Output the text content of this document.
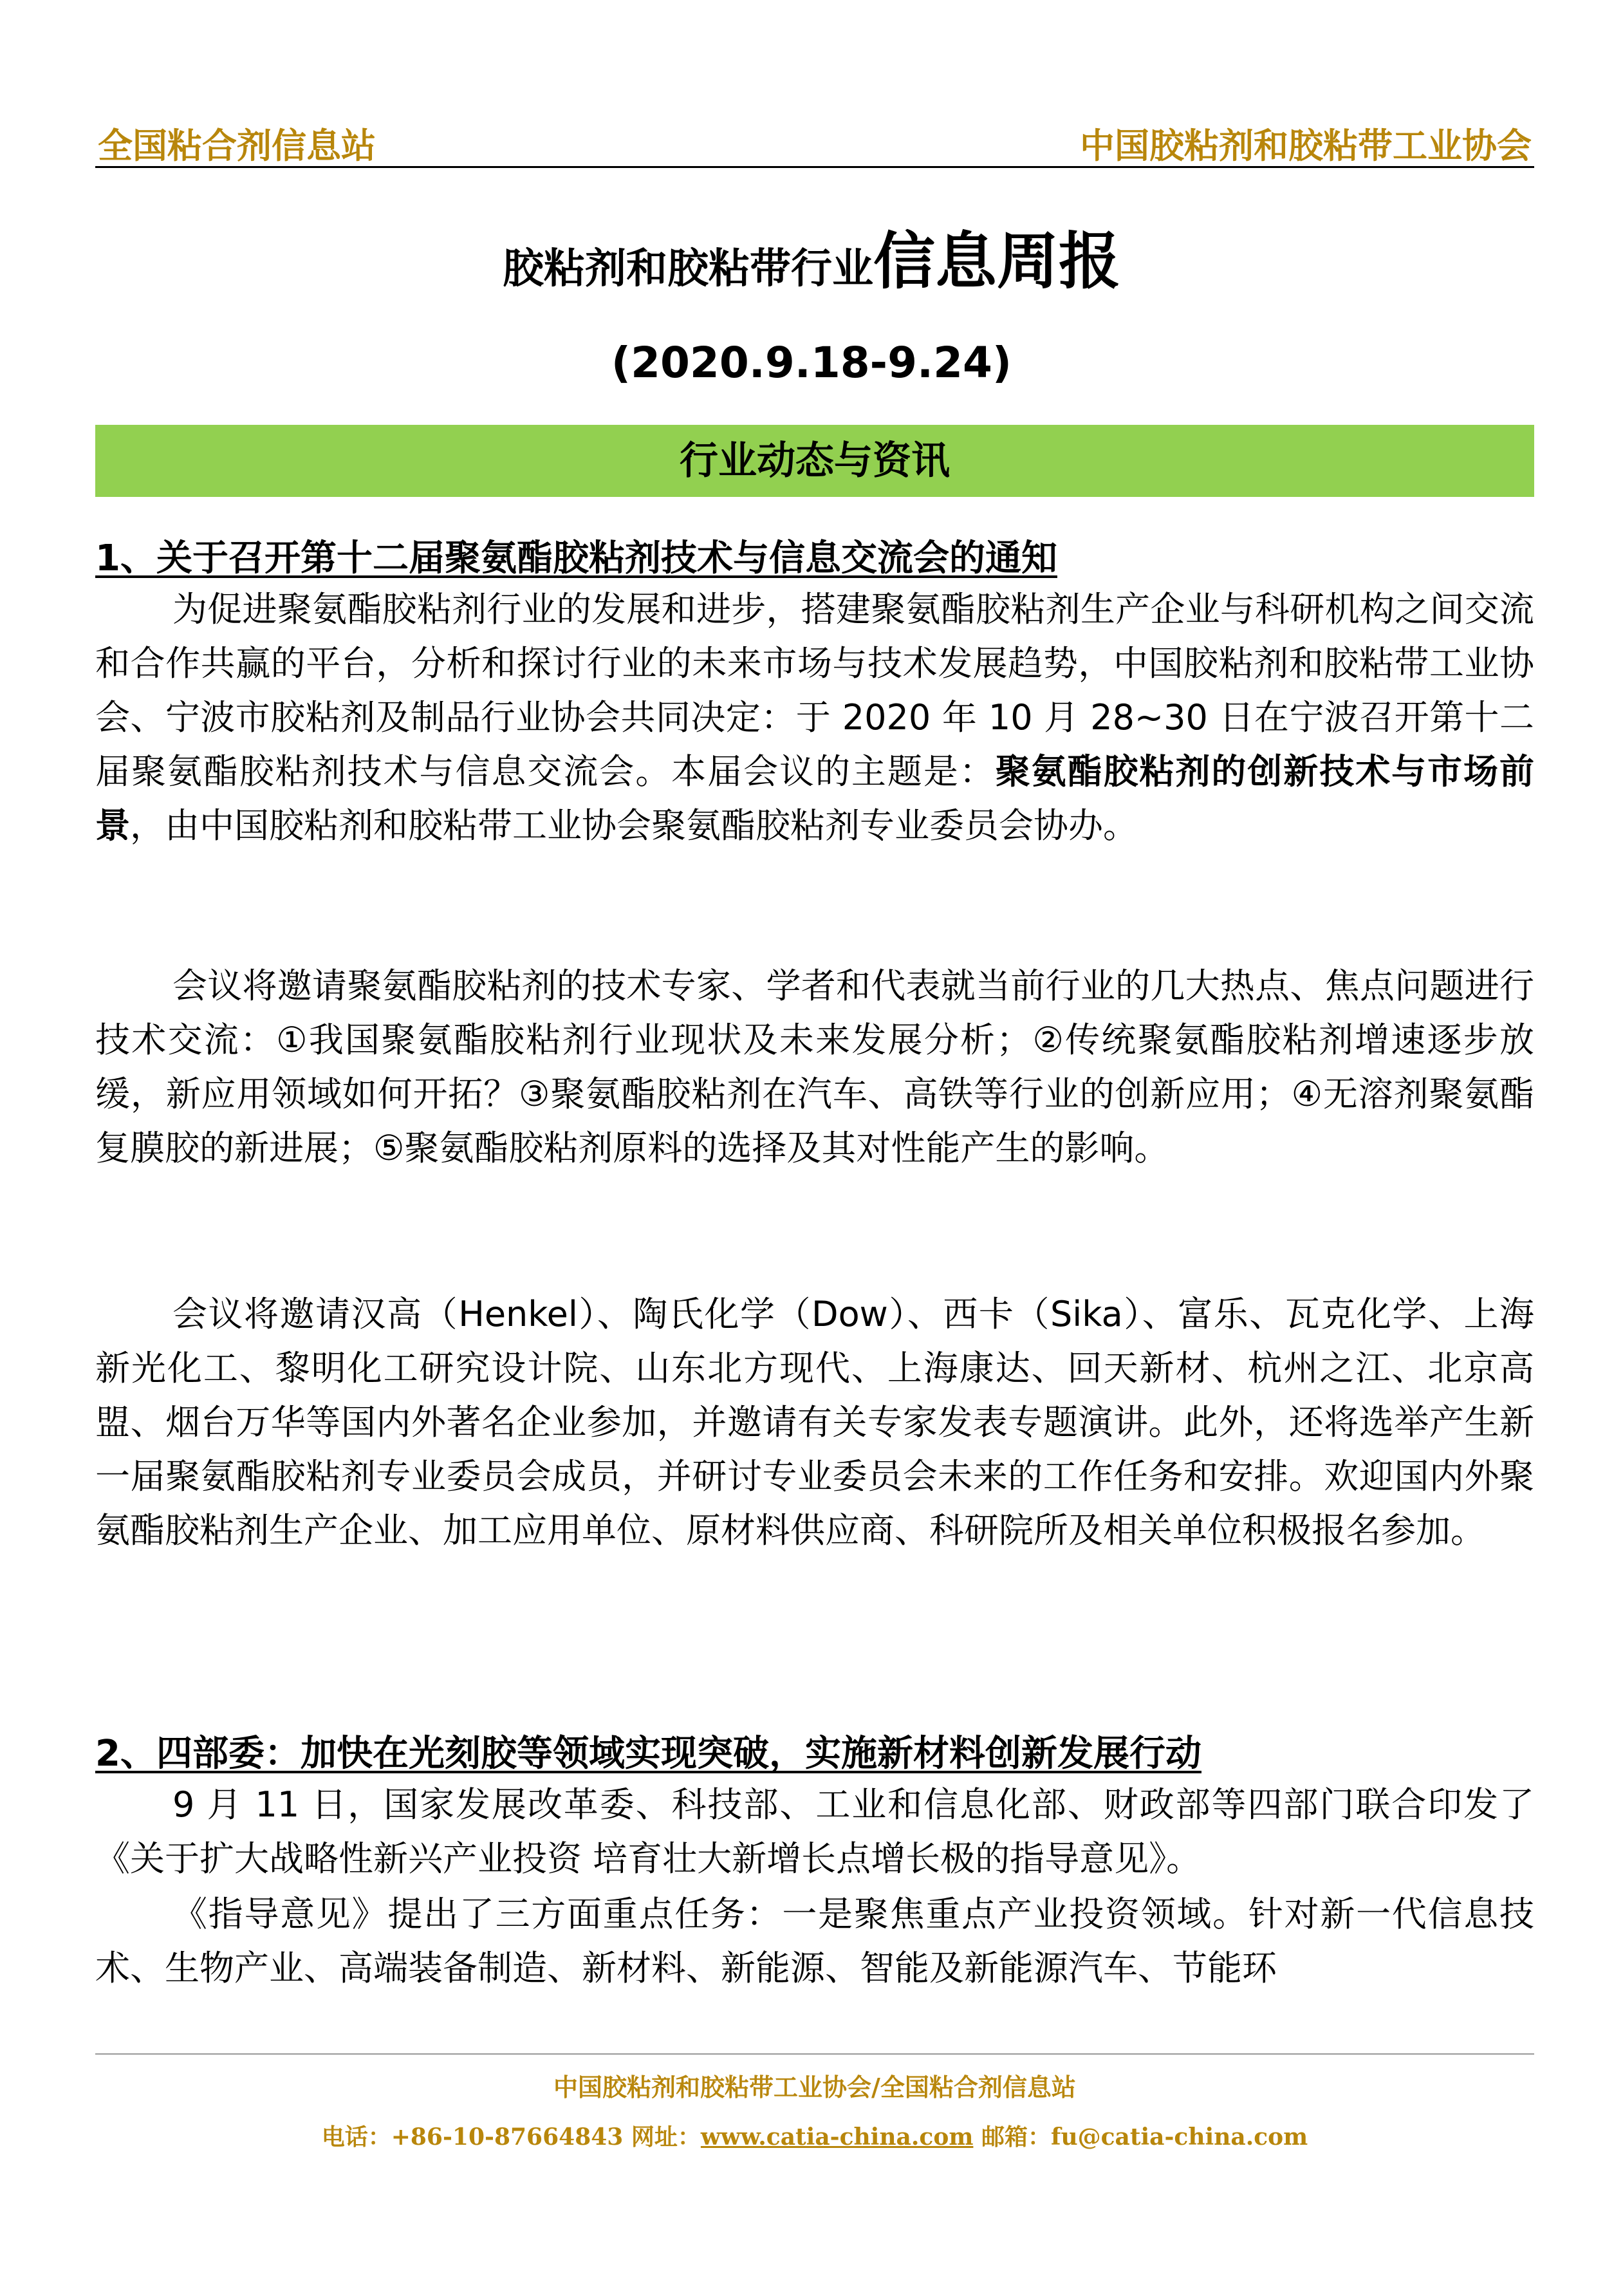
全国粘合剂信息站	中国胶粘剂和胶粘带工业协会
胶粘剂和胶粘带行业信息周报
(2020.9.18-9.24)
行业动态与资讯
1、关于召开第十二届聚氨酯胶粘剂技术与信息交流会的通知

为促进聚氨酯胶粘剂行业的发展和进步，搭建聚氨酯胶粘剂生产企业与科研机构之间交流和合作共赢的平台，分析和探讨行业的未来市场与技术发展趋势，中国胶粘剂和胶粘带工业协会、宁波市胶粘剂及制品行业协会共同决定：于 2020 年 10 月 28~30 日在宁波召开第十二届聚氨酯胶粘剂技术与信息交流会。本届会议的主题是：聚氨酯胶粘剂的创新技术与市场前景，由中国胶粘剂和胶粘带工业协会聚氨酯胶粘剂专业委员会协办。

会议将邀请聚氨酯胶粘剂的技术专家、学者和代表就当前行业的几大热点、焦点问题进行技术交流：①我国聚氨酯胶粘剂行业现状及未来发展分析；②传统聚氨酯胶粘剂增速逐步放缓，新应用领域如何开拓？③聚氨酯胶粘剂在汽车、高铁等行业的创新应用；④无溶剂聚氨酯复膜胶的新进展；⑤聚氨酯胶粘剂原料的选择及其对性能产生的影响。

会议将邀请汉高（Henkel）、陶氏化学（Dow）、西卡（Sika）、富乐、瓦克化学、上海新光化工、黎明化工研究设计院、山东北方现代、上海康达、回天新材、杭州之江、北京高盟、烟台万华等国内外著名企业参加，并邀请有关专家发表专题演讲。此外，还将选举产生新一届聚氨酯胶粘剂专业委员会成员，并研讨专业委员会未来的工作任务和安排。欢迎国内外聚氨酯胶粘剂生产企业、加工应用单位、原材料供应商、科研院所及相关单位积极报名参加。

2、四部委：加快在光刻胶等领域实现突破，实施新材料创新发展行动

9 月 11 日，国家发展改革委、科技部、工业和信息化部、财政部等四部门联合印发了《关于扩大战略性新兴产业投资 培育壮大新增长点增长极的指导意见》。

《指导意见》提出了三方面重点任务：一是聚焦重点产业投资领域。针对新一代信息技术、生物产业、高端装备制造、新材料、新能源、智能及新能源汽车、节能环

中国胶粘剂和胶粘带工业协会/全国粘合剂信息站
电话：+86-10-87664843 网址：www.catia-china.com 邮箱：fu@catia-china.com
